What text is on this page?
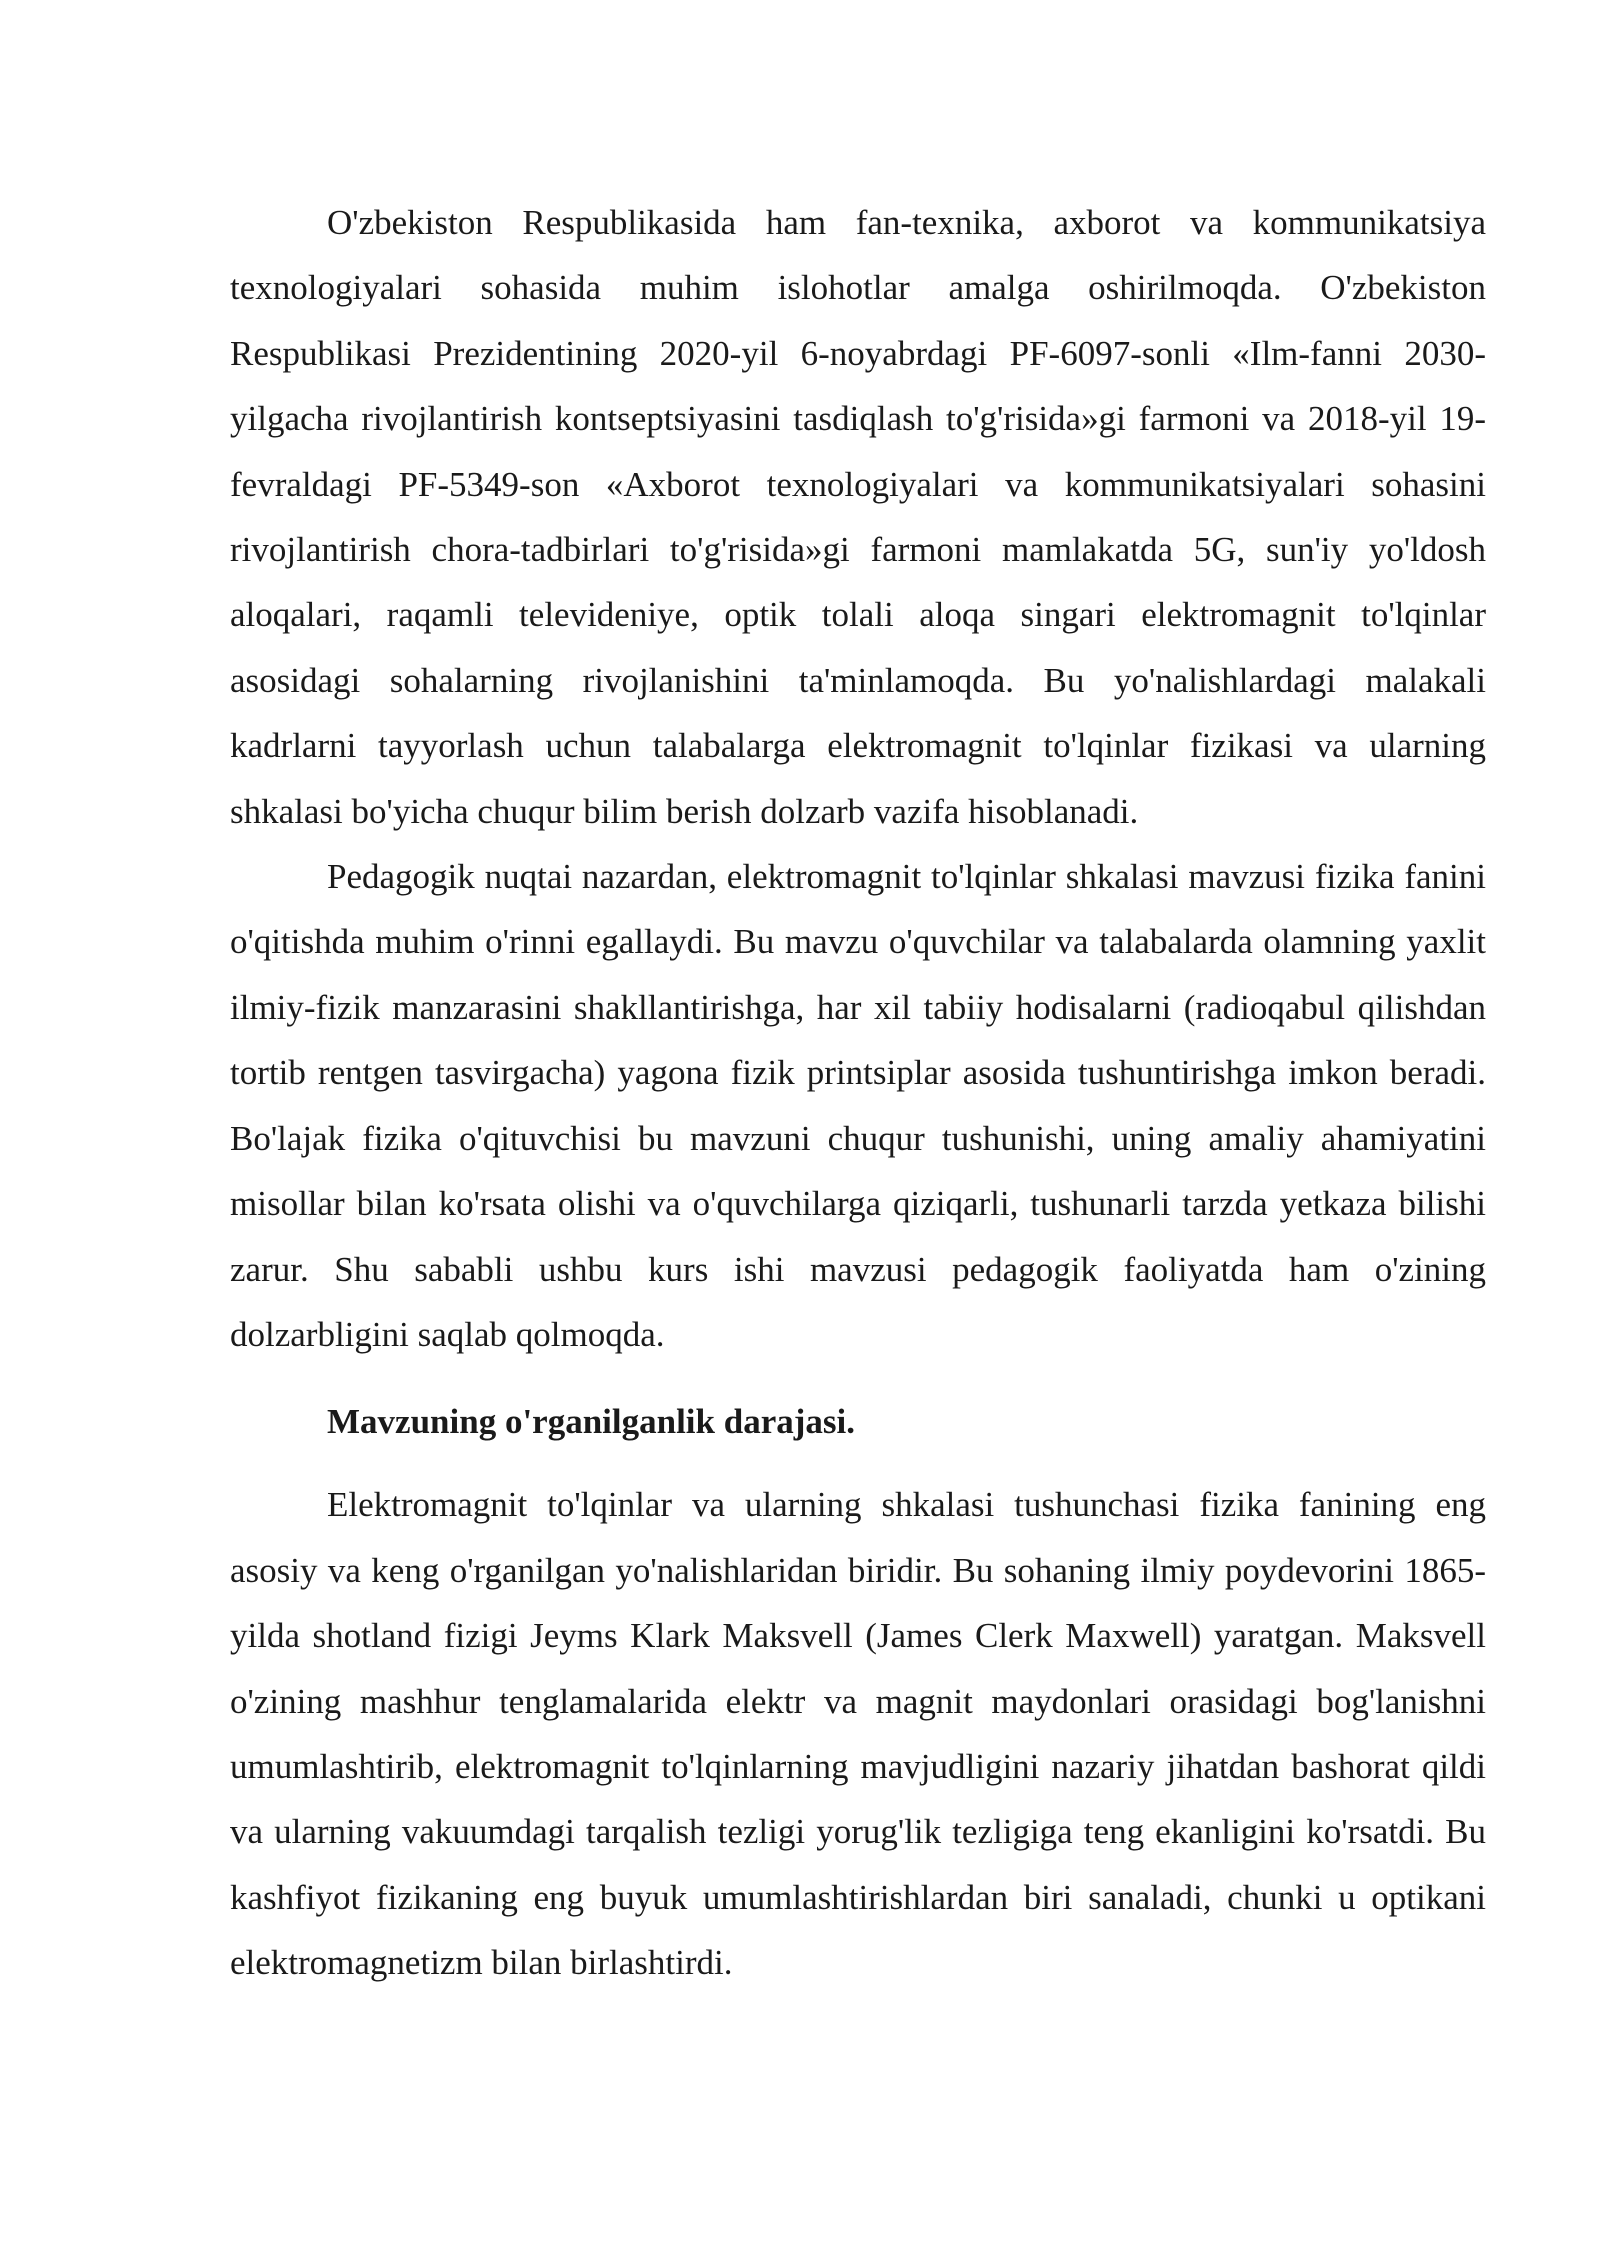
O'zbekiston Respublikasida ham fan-texnika, axborot va kommunikatsiya texnologiyalari sohasida muhim islohotlar amalga oshirilmoqda. O'zbekiston Respublikasi Prezidentining 2020-yil 6-noyabrdagi PF-6097-sonli «Ilm-fanni 2030-yilgacha rivojlantirish kontseptsiyasini tasdiqlash to'g'risida»gi farmoni va 2018-yil 19-fevraldagi PF-5349-son «Axborot texnologiyalari va kommunikatsiyalari sohasini rivojlantirish chora-tadbirlari to'g'risida»gi farmoni mamlakatda 5G, sun'iy yo'ldosh aloqalari, raqamli televideniye, optik tolali aloqa singari elektromagnit to'lqinlar asosidagi sohalarning rivojlanishini ta'minlamoqda. Bu yo'nalishlardagi malakali kadrlarni tayyorlash uchun talabalarga elektromagnit to'lqinlar fizikasi va ularning shkalasi bo'yicha chuqur bilim berish dolzarb vazifa hisoblanadi.

Pedagogik nuqtai nazardan, elektromagnit to'lqinlar shkalasi mavzusi fizika fanini o'qitishda muhim o'rinni egallaydi. Bu mavzu o'quvchilar va talabalarda olamning yaxlit ilmiy-fizik manzarasini shakllantirishga, har xil tabiiy hodisalarni (radioqabul qilishdan tortib rentgen tasvirgacha) yagona fizik printsiplar asosida tushuntirishga imkon beradi. Bo'lajak fizika o'qituvchisi bu mavzuni chuqur tushunishi, uning amaliy ahamiyatini misollar bilan ko'rsata olishi va o'quvchilarga qiziqarli, tushunarli tarzda yetkaza bilishi zarur. Shu sababli ushbu kurs ishi mavzusi pedagogik faoliyatda ham o'zining dolzarbligini saqlab qolmoqda.

Mavzuning o'rganilganlik darajasi.

Elektromagnit to'lqinlar va ularning shkalasi tushunchasi fizika fanining eng asosiy va keng o'rganilgan yo'nalishlaridan biridir. Bu sohaning ilmiy poydevorini 1865-yilda shotland fizigi Jeyms Klark Maksvell (James Clerk Maxwell) yaratgan. Maksvell o'zining mashhur tenglamalarida elektr va magnit maydonlari orasidagi bog'lanishni umumlashtirib, elektromagnit to'lqinlarning mavjudligini nazariy jihatdan bashorat qildi va ularning vakuumdagi tarqalish tezligi yorug'lik tezligiga teng ekanligini ko'rsatdi. Bu kashfiyot fizikaning eng buyuk umumlashtirishlardan biri sanaladi, chunki u optikani elektromagnetizm bilan birlashtirdi.
